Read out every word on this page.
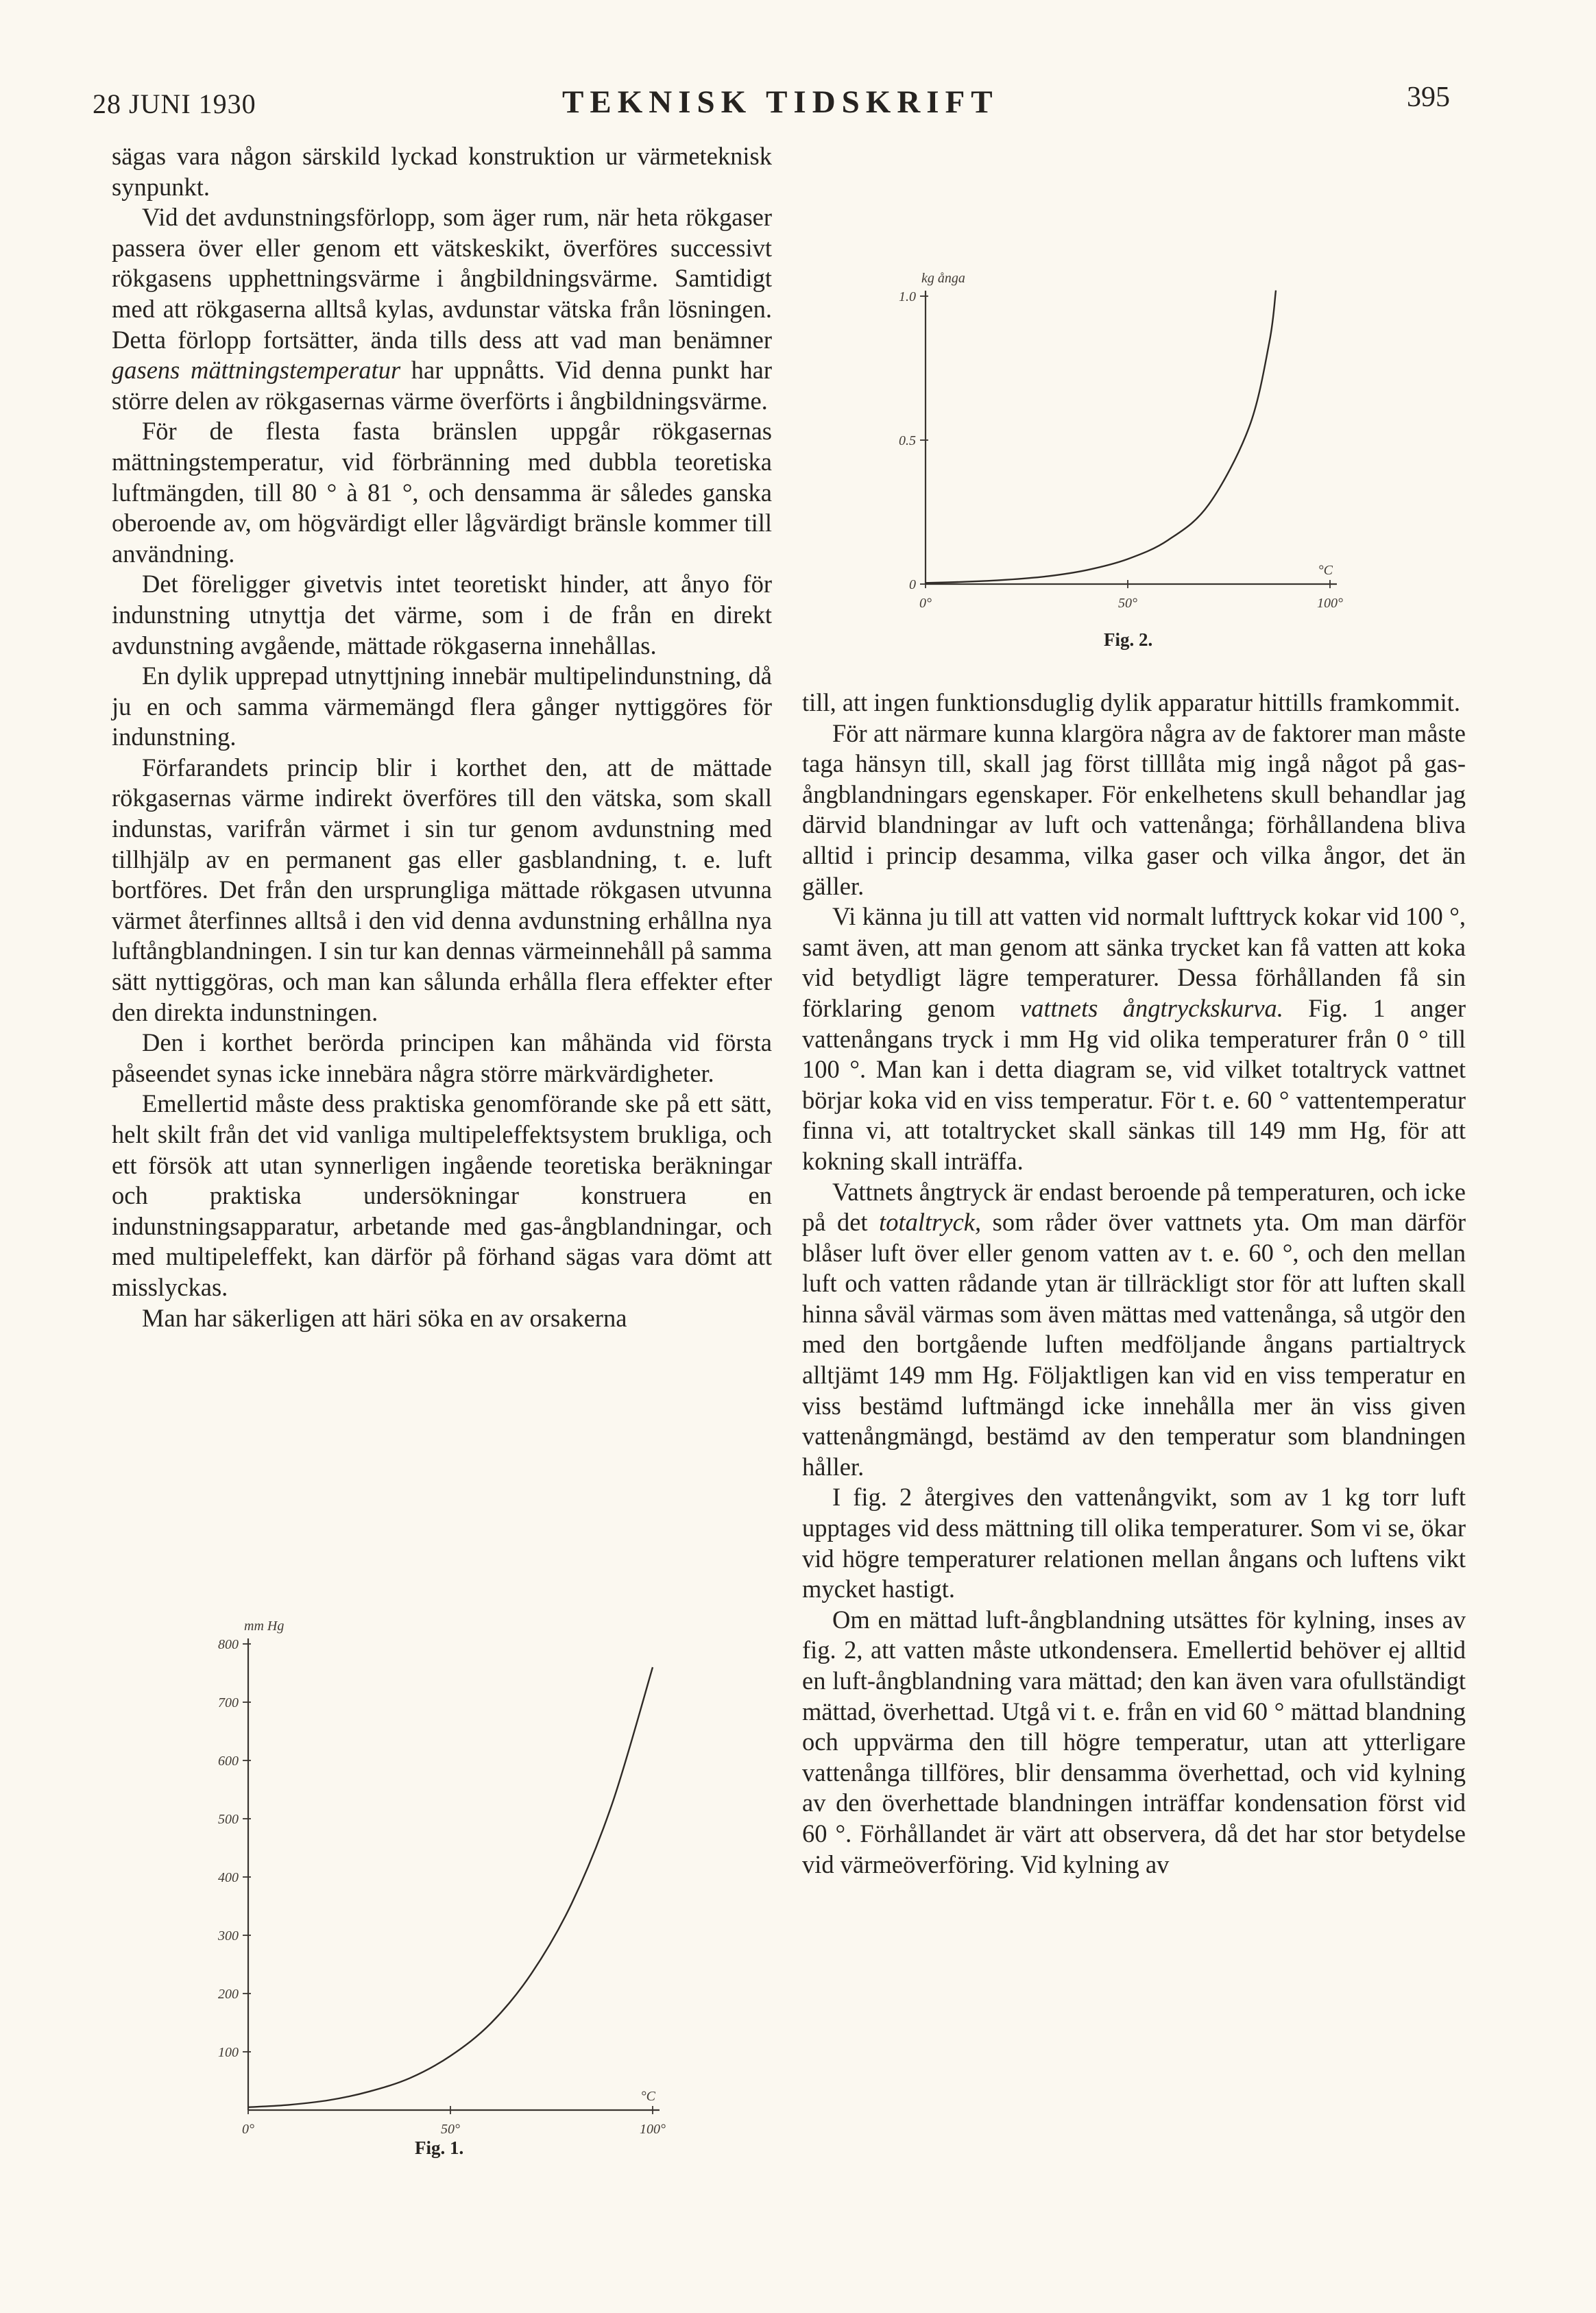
28 JUNI 1930	TEKNISK TIDSKRIFT	395

sägas vara någon särskild lyckad konstruktion ur värmeteknisk synpunkt.

Vid det avdunstningsförlopp, som äger rum, när heta rökgaser passera över eller genom ett vätskeskikt, överföres successivt rökgasens upphettningsvärme i ångbildningsvärme. Samtidigt med att rökgaserna alltså kylas, avdunstar vätska från lösningen. Detta förlopp fortsätter, ända tills dess att vad man benämner gasens mättningstemperatur har uppnåtts. Vid denna punkt har större delen av rökgasernas värme överförts i ångbildningsvärme.

För de flesta fasta bränslen uppgår rökgasernas mättningstemperatur, vid förbränning med dubbla teoretiska luftmängden, till 80 ° à 81 °, och densamma är således ganska oberoende av, om högvärdigt eller lågvärdigt bränsle kommer till användning.

Det föreligger givetvis intet teoretiskt hinder, att ånyo för indunstning utnyttja det värme, som i de från en direkt avdunstning avgående, mättade rökgaserna innehållas.

En dylik upprepad utnyttjning innebär multipelindunstning, då ju en och samma värmemängd flera gånger nyttiggöres för indunstning.

Förfarandets princip blir i korthet den, att de mättade rökgasernas värme indirekt överföres till den vätska, som skall indunstas, varifrån värmet i sin tur genom avdunstning med tillhjälp av en permanent gas eller gasblandning, t. e. luft bortföres. Det från den ursprungliga mättade rökgasen utvunna värmet återfinnes alltså i den vid denna avdunstning erhållna nya luftångblandningen. I sin tur kan dennas värmeinnehåll på samma sätt nyttiggöras, och man kan sålunda erhålla flera effekter efter den direkta indunstningen.

Den i korthet berörda principen kan måhända vid första påseendet synas icke innebära några större märkvärdigheter.

Emellertid måste dess praktiska genomförande ske på ett sätt, helt skilt från det vid vanliga multipeleffektsystem brukliga, och ett försök att utan synnerligen ingående teoretiska beräkningar och praktiska undersökningar konstruera en indunstningsapparatur, arbetande med gas-ångblandningar, och med multipeleffekt, kan därför på förhand sägas vara dömt att misslyckas.

Man har säkerligen att häri söka en av orsakerna

till, att ingen funktionsduglig dylik apparatur hittills framkommit.

För att närmare kunna klargöra några av de faktorer man måste taga hänsyn till, skall jag först tilllåta mig ingå något på gas-ångblandningars egenskaper. För enkelhetens skull behandlar jag därvid blandningar av luft och vattenånga; förhållandena bliva alltid i princip desamma, vilka gaser och vilka ångor, det än gäller.

Vi känna ju till att vatten vid normalt lufttryck kokar vid 100 °, samt även, att man genom att sänka trycket kan få vatten att koka vid betydligt lägre temperaturer. Dessa förhållanden få sin förklaring genom vattnets ångtryckskurva. Fig. 1 anger vattenångans tryck i mm Hg vid olika temperaturer från 0 ° till 100 °. Man kan i detta diagram se, vid vilket totaltryck vattnet börjar koka vid en viss temperatur. För t. e. 60 ° vattentemperatur finna vi, att totaltrycket skall sänkas till 149 mm Hg, för att kokning skall inträffa.

Vattnets ångtryck är endast beroende på temperaturen, och icke på det totaltryck, som råder över vattnets yta. Om man därför blåser luft över eller genom vatten av t. e. 60 °, och den mellan luft och vatten rådande ytan är tillräckligt stor för att luften skall hinna såväl värmas som även mättas med vattenånga, så utgör den med den bortgående luften medföljande ångans partialtryck alltjämt 149 mm Hg. Följaktligen kan vid en viss temperatur en viss bestämd luftmängd icke innehålla mer än viss given vattenångmängd, bestämd av den temperatur som blandningen håller.

I fig. 2 återgives den vattenångvikt, som av 1 kg torr luft upptages vid dess mättning till olika temperaturer. Som vi se, ökar vid högre temperaturer relationen mellan ångans och luftens vikt mycket hastigt.

Om en mättad luft-ångblandning utsättes för kylning, inses av fig. 2, att vatten måste utkondensera. Emellertid behöver ej alltid en luft-ångblandning vara mättad; den kan även vara ofullständigt mättad, överhettad. Utgå vi t. e. från en vid 60 ° mättad blandning och uppvärma den till högre temperatur, utan att ytterligare vattenånga tillföres, blir densamma överhettad, och vid kylning av den överhettade blandningen inträffar kondensation först vid 60 °. Förhållandet är värt att observera, då det har stor betydelse vid värmeöverföring. Vid kylning av

1.0
0.5
0
0°	50°	100°
kg ånga
°C
Fig. 2.
800
700
600
500
400
300
200
100
0°	50°	100°
mm Hg
°C
Fig. 1.
